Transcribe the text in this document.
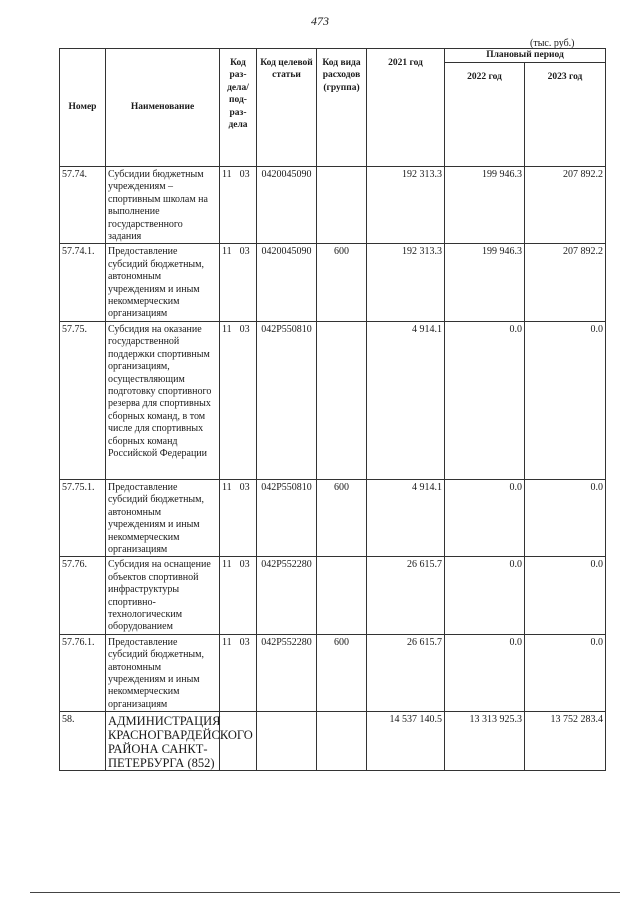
473
(тыс. руб.)
Номер	Наименование	Код раз-дела/ под-раз-дела	Код целевой статьи	Код вида расходов (группа)	2021 год	Плановый период	
						2022 год	2023 год
57.74.	Субсидии бюджетным учреждениям – спортивным школам на выполнение государственного задания	11 03	0420045090		192 313.3	199 946.3	207 892.2
57.74.1.	Предоставление субсидий бюджетным, автономным учреждениям и иным некоммерческим организациям	11 03	0420045090	600	192 313.3	199 946.3	207 892.2
57.75.	Субсидия на оказание государственной поддержки спортивным организациям, осуществляющим подготовку спортивного резерва для спортивных сборных команд, в том числе для спортивных сборных команд Российской Федерации	11 03	042P550810		4 914.1	0.0	0.0
57.75.1.	Предоставление субсидий бюджетным, автономным учреждениям и иным некоммерческим организациям	11 03	042P550810	600	4 914.1	0.0	0.0
57.76.	Субсидия на оснащение объектов спортивной инфраструктуры спортивно-технологическим оборудованием	11 03	042P552280		26 615.7	0.0	0.0
57.76.1.	Предоставление субсидий бюджетным, автономным учреждениям и иным некоммерческим организациям	11 03	042P552280	600	26 615.7	0.0	0.0
58.	АДМИНИСТРАЦИЯ КРАСНОГВАРДЕЙСКОГО РАЙОНА САНКТ-ПЕТЕРБУРГА (852)				14 537 140.5	13 313 925.3	13 752 283.4
